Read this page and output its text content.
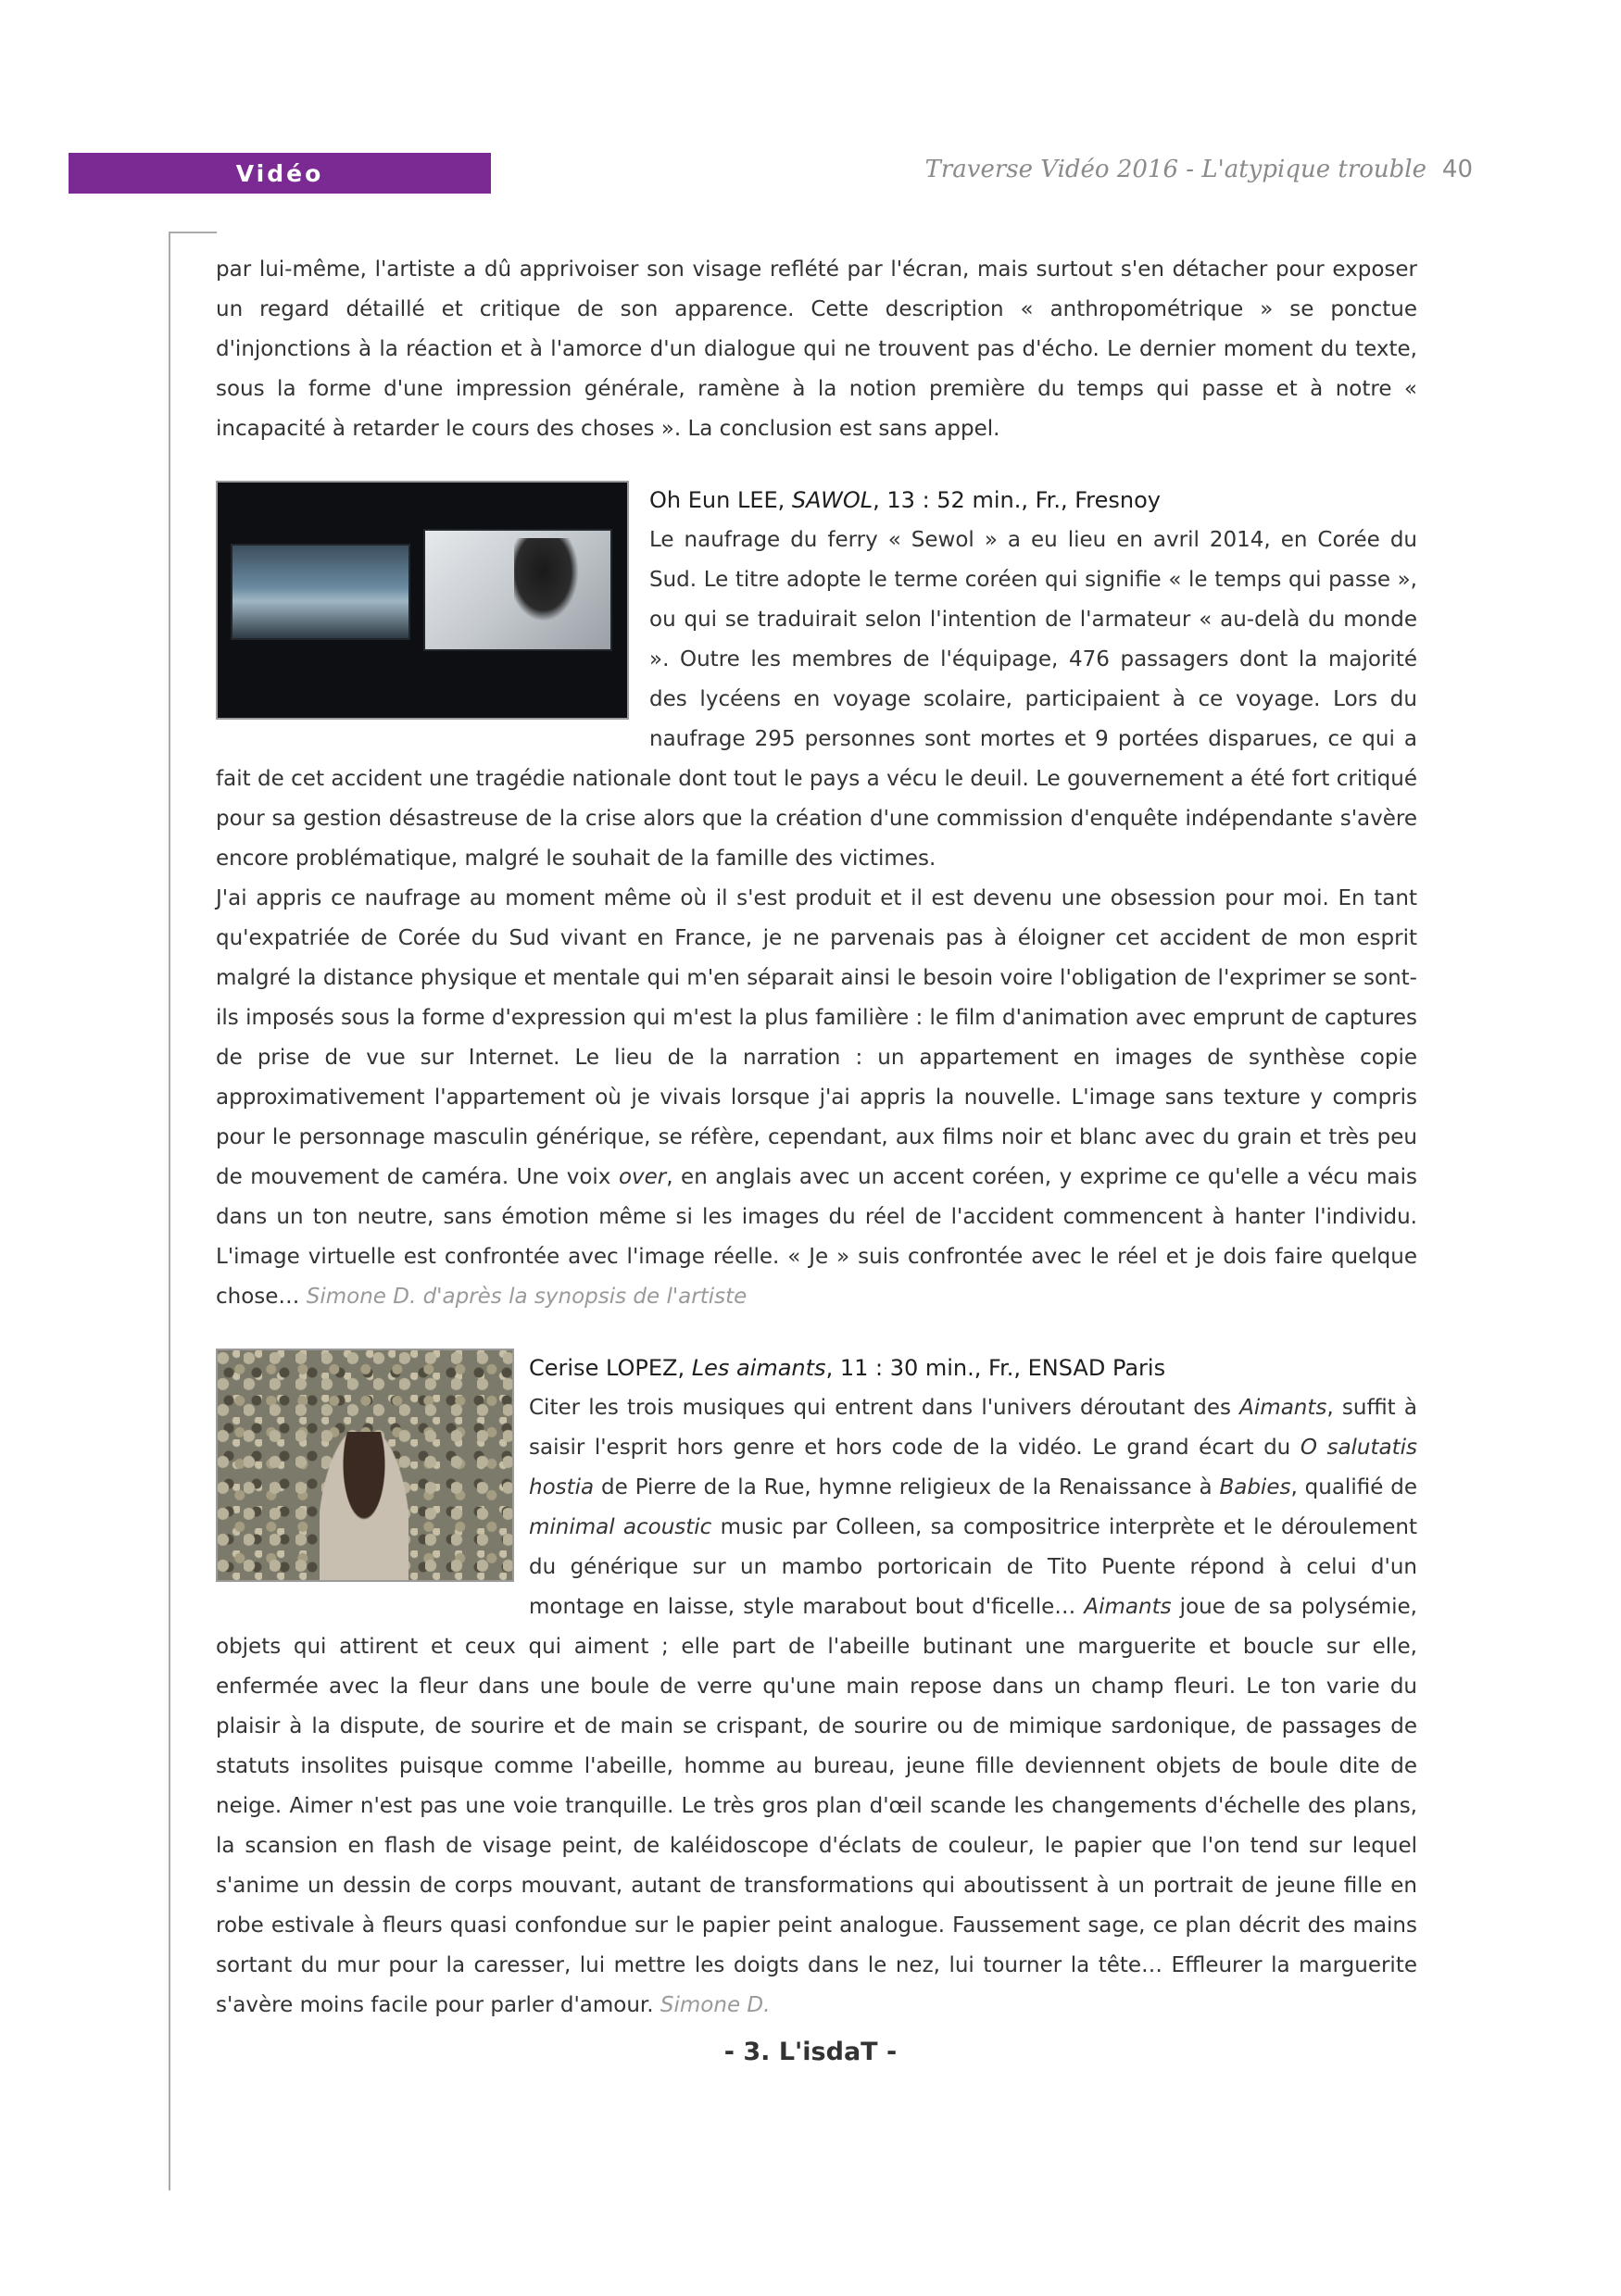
Vidéo	Traverse Vidéo 2016 - L'atypique trouble 40

par lui-même, l'artiste a dû apprivoiser son visage reflété par l'écran, mais surtout s'en détacher pour exposer un regard détaillé et critique de son apparence. Cette description « anthropométrique » se ponctue d'injonctions à la réaction et à l'amorce d'un dialogue qui ne trouvent pas d'écho. Le dernier moment du texte, sous la forme d'une impression générale, ramène à la notion première du temps qui passe et à notre « incapacité à retarder le cours des choses ». La conclusion est sans appel.

Oh Eun LEE, SAWOL, 13 : 52 min., Fr., Fresnoy

Le naufrage du ferry « Sewol » a eu lieu en avril 2014, en Corée du Sud. Le titre adopte le terme coréen qui signifie « le temps qui passe », ou qui se traduirait selon l'intention de l'armateur « au-delà du monde ». Outre les membres de l'équipage, 476 passagers dont la majorité des lycéens en voyage scolaire, participaient à ce voyage. Lors du naufrage 295 personnes sont mortes et 9 portées disparues, ce qui a fait de cet accident une tragédie nationale dont tout le pays a vécu le deuil. Le gouvernement a été fort critiqué pour sa gestion désastreuse de la crise alors que la création d'une commission d'enquête indépendante s'avère encore problématique, malgré le souhait de la famille des victimes.

J'ai appris ce naufrage au moment même où il s'est produit et il est devenu une obsession pour moi. En tant qu'expatriée de Corée du Sud vivant en France, je ne parvenais pas à éloigner cet accident de mon esprit malgré la distance physique et mentale qui m'en séparait ainsi le besoin voire l'obligation de l'exprimer se sont-ils imposés sous la forme d'expression qui m'est la plus familière : le film d'animation avec emprunt de captures de prise de vue sur Internet. Le lieu de la narration : un appartement en images de synthèse copie approximativement l'appartement où je vivais lorsque j'ai appris la nouvelle. L'image sans texture y compris pour le personnage masculin générique, se réfère, cependant, aux films noir et blanc avec du grain et très peu de mouvement de caméra. Une voix over, en anglais avec un accent coréen, y exprime ce qu'elle a vécu mais dans un ton neutre, sans émotion même si les images du réel de l'accident commencent à hanter l'individu. L'image virtuelle est confrontée avec l'image réelle. « Je » suis confrontée avec le réel et je dois faire quelque chose… Simone D. d'après la synopsis de l'artiste

Cerise LOPEZ, Les aimants, 11 : 30 min., Fr., ENSAD Paris

Citer les trois musiques qui entrent dans l'univers déroutant des Aimants, suffit à saisir l'esprit hors genre et hors code de la vidéo. Le grand écart du O salutatis hostia de Pierre de la Rue, hymne religieux de la Renaissance à Babies, qualifié de minimal acoustic music par Colleen, sa compositrice interprète et le déroulement du générique sur un mambo portoricain de Tito Puente répond à celui d'un montage en laisse, style marabout bout d'ficelle… Aimants joue de sa polysémie, objets qui attirent et ceux qui aiment ; elle part de l'abeille butinant une marguerite et boucle sur elle, enfermée avec la fleur dans une boule de verre qu'une main repose dans un champ fleuri. Le ton varie du plaisir à la dispute, de sourire et de main se crispant, de sourire ou de mimique sardonique, de passages de statuts insolites puisque comme l'abeille, homme au bureau, jeune fille deviennent objets de boule dite de neige. Aimer n'est pas une voie tranquille. Le très gros plan d'œil scande les changements d'échelle des plans, la scansion en flash de visage peint, de kaléidoscope d'éclats de couleur, le papier que l'on tend sur lequel s'anime un dessin de corps mouvant, autant de transformations qui aboutissent à un portrait de jeune fille en robe estivale à fleurs quasi confondue sur le papier peint analogue. Faussement sage, ce plan décrit des mains sortant du mur pour la caresser, lui mettre les doigts dans le nez, lui tourner la tête… Effleurer la marguerite s'avère moins facile pour parler d'amour. Simone D.

- 3. L'isdaT -
